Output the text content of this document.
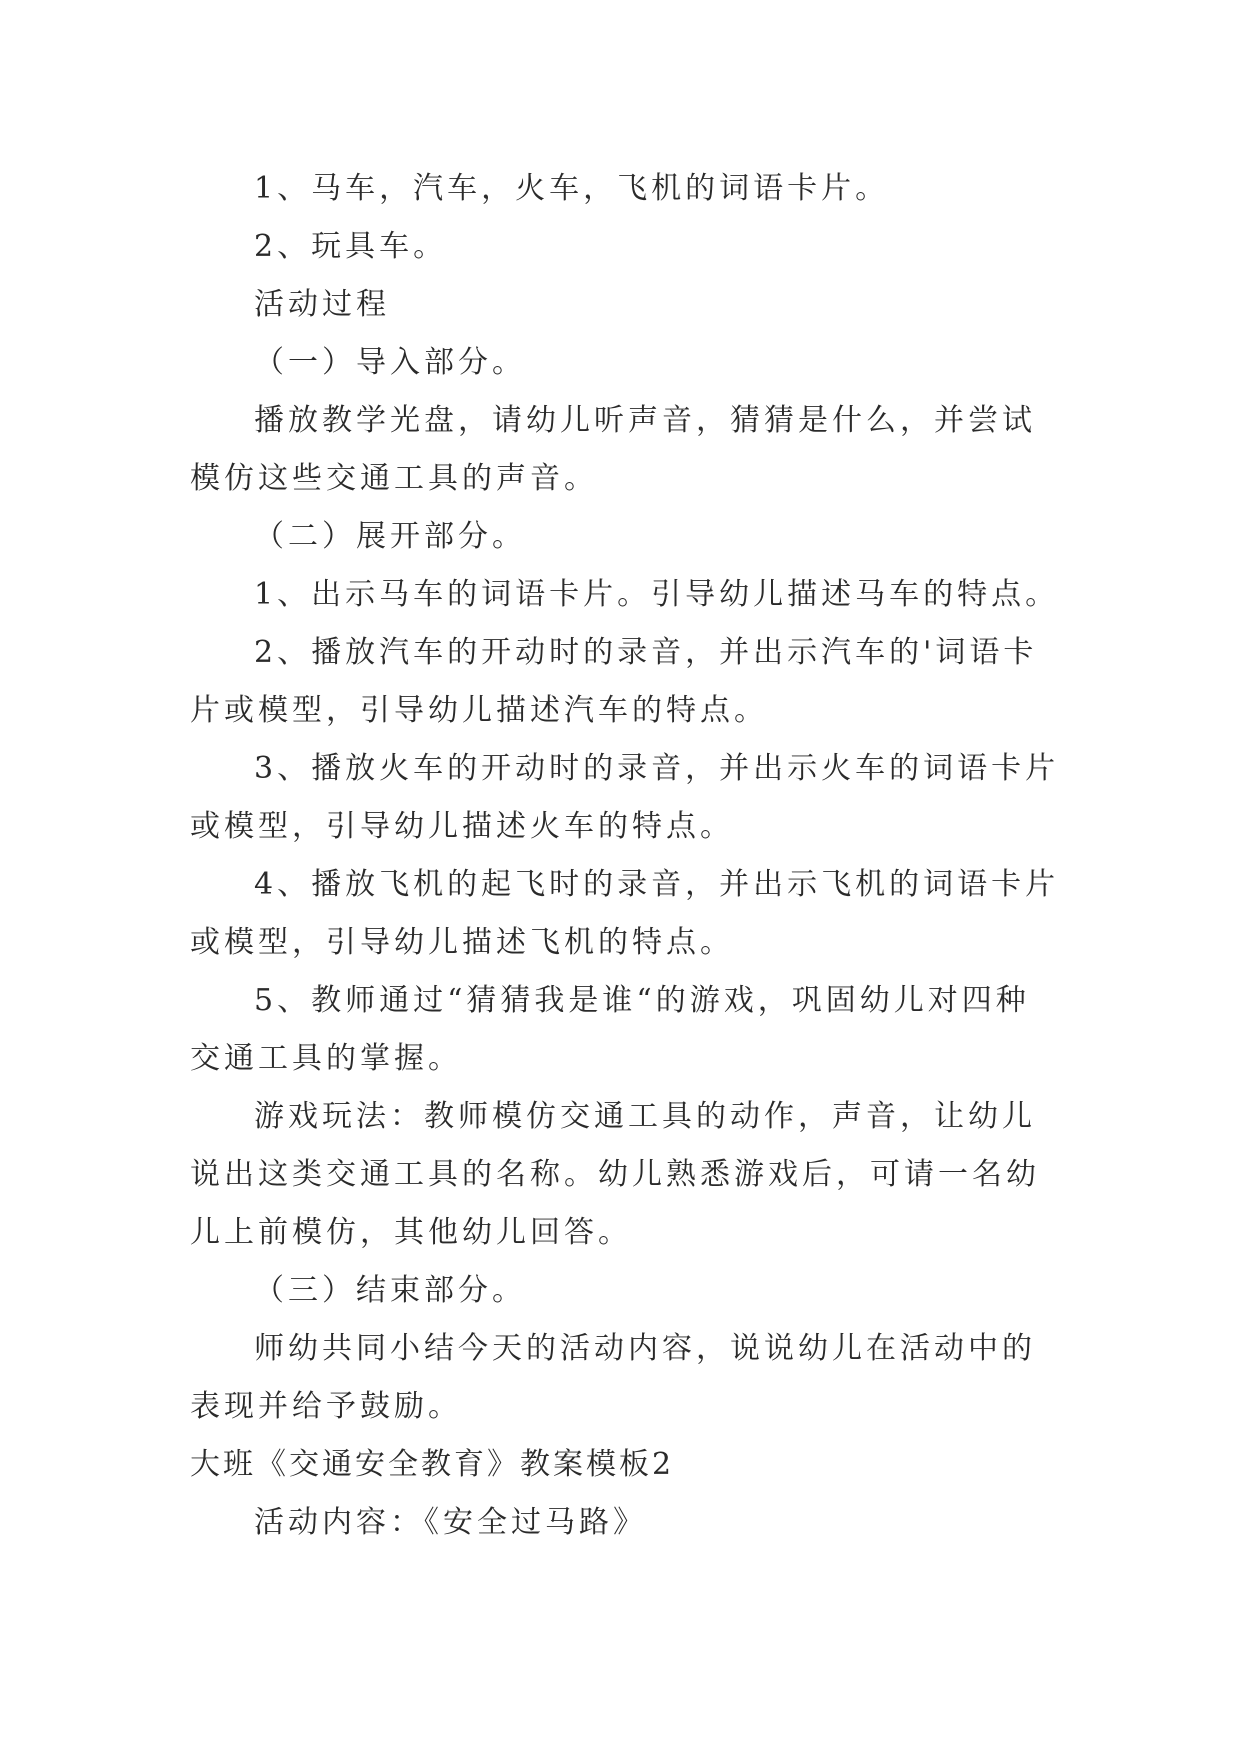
1、马车，汽车，火车，飞机的词语卡片。

2、玩具车。

活动过程

（一）导入部分。

播放教学光盘，请幼儿听声音，猜猜是什么，并尝试模仿这些交通工具的声音。

（二）展开部分。

1、出示马车的词语卡片。引导幼儿描述马车的特点。

2、播放汽车的开动时的录音，并出示汽车的'词语卡片或模型，引导幼儿描述汽车的特点。

3、播放火车的开动时的录音，并出示火车的词语卡片或模型，引导幼儿描述火车的特点。

4、播放飞机的起飞时的录音，并出示飞机的词语卡片或模型，引导幼儿描述飞机的特点。

5、教师通过“猜猜我是谁“的游戏，巩固幼儿对四种交通工具的掌握。

游戏玩法：教师模仿交通工具的动作，声音，让幼儿说出这类交通工具的名称。幼儿熟悉游戏后，可请一名幼儿上前模仿，其他幼儿回答。

（三）结束部分。

师幼共同小结今天的活动内容，说说幼儿在活动中的表现并给予鼓励。

大班《交通安全教育》教案模板2

活动内容：《安全过马路》
